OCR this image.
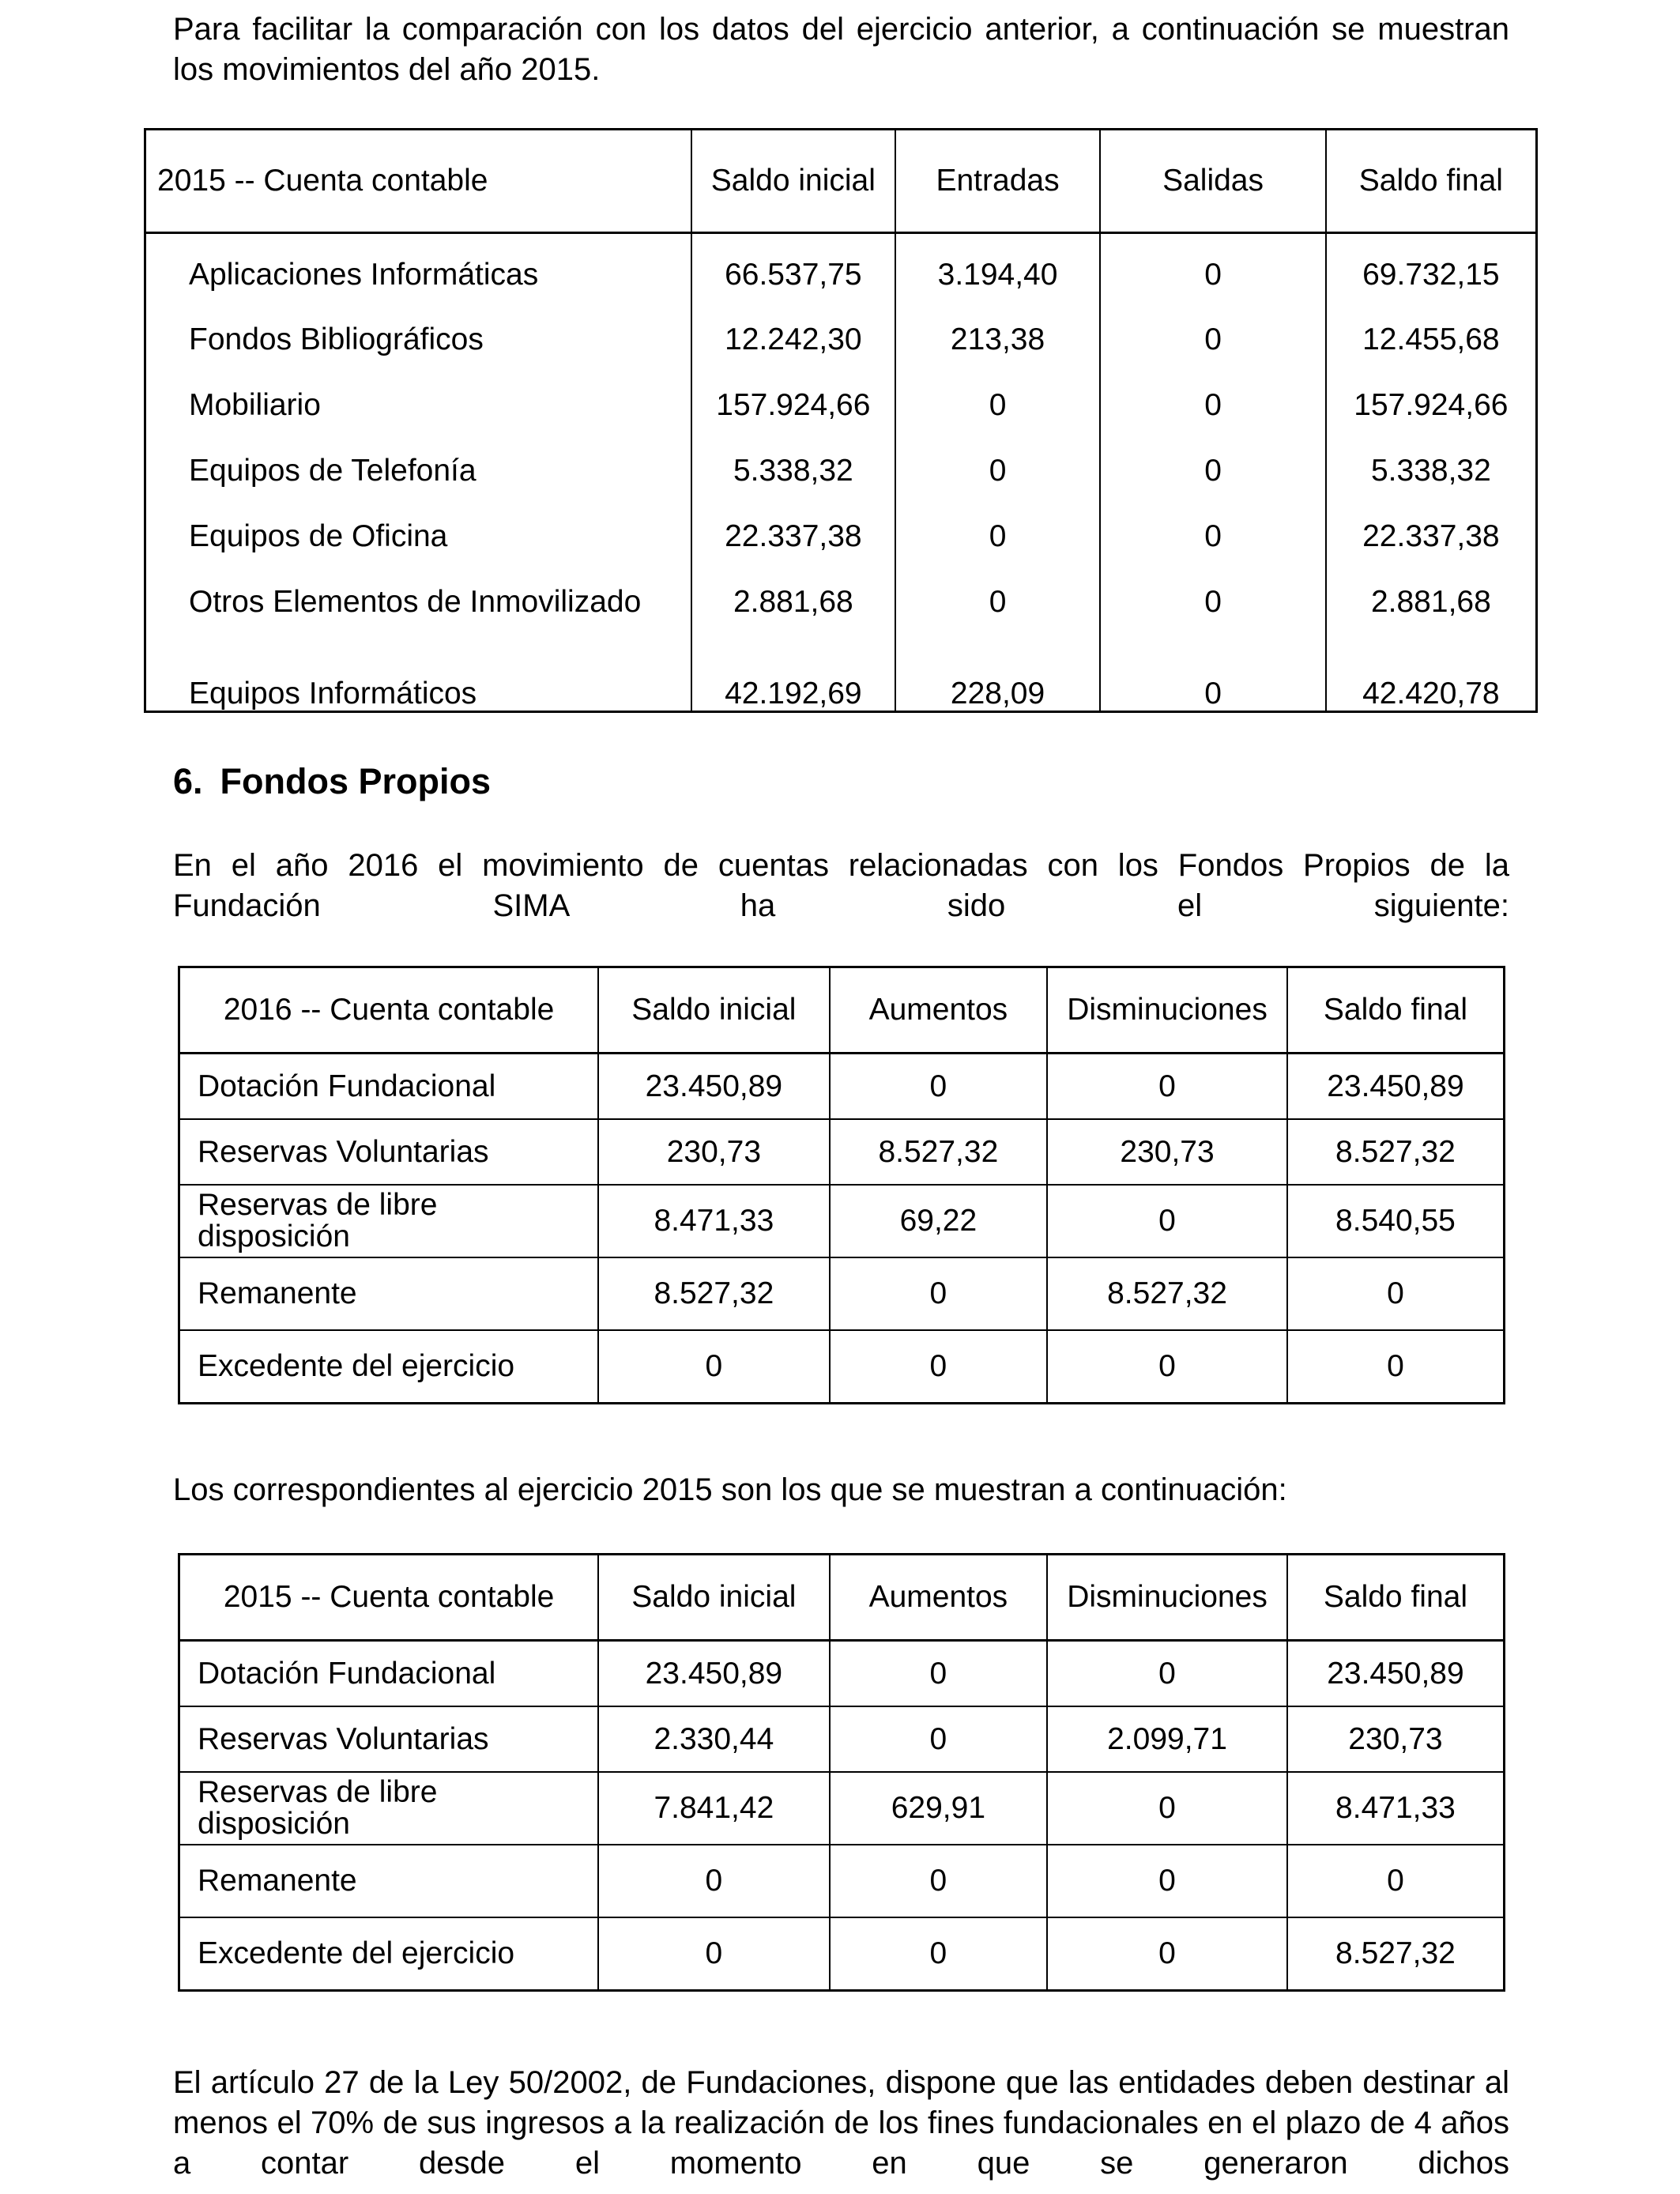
Para facilitar la comparación con los datos del ejercicio anterior, a continuación se muestran los movimientos del año 2015.

2015 -- Cuenta contable	Saldo inicial	Entradas	Salidas	Saldo final
Aplicaciones Informáticas	66.537,75	3.194,40	0	69.732,15
Fondos Bibliográficos	12.242,30	213,38	0	12.455,68
Mobiliario	157.924,66	0	0	157.924,66
Equipos de Telefonía	5.338,32	0	0	5.338,32
Equipos de Oficina	22.337,38	0	0	22.337,38
Otros Elementos de Inmovilizado	2.881,68	0	0	2.881,68
Equipos Informáticos	42.192,69	228,09	0	42.420,78
6. Fondos Propios

En el año 2016 el movimiento de cuentas relacionadas con los Fondos Propios de la Fundación SIMA ha sido el siguiente:

2016 -- Cuenta contable	Saldo inicial	Aumentos	Disminuciones	Saldo final
Dotación Fundacional	23.450,89	0	0	23.450,89
Reservas Voluntarias	230,73	8.527,32	230,73	8.527,32
Reservas de libre disposición	8.471,33	69,22	0	8.540,55
Remanente	8.527,32	0	8.527,32	0
Excedente del ejercicio	0	0	0	0

Los correspondientes al ejercicio 2015 son los que se muestran a continuación:

2015 -- Cuenta contable	Saldo inicial	Aumentos	Disminuciones	Saldo final
Dotación Fundacional	23.450,89	0	0	23.450,89
Reservas Voluntarias	2.330,44	0	2.099,71	230,73
Reservas de libre disposición	7.841,42	629,91	0	8.471,33
Remanente	0	0	0	0
Excedente del ejercicio	0	0	0	8.527,32

El artículo 27 de la Ley 50/2002, de Fundaciones, dispone que las entidades deben destinar al menos el 70% de sus ingresos a la realización de los fines fundacionales en el plazo de 4 años a contar desde el momento en que se generaron dichos
